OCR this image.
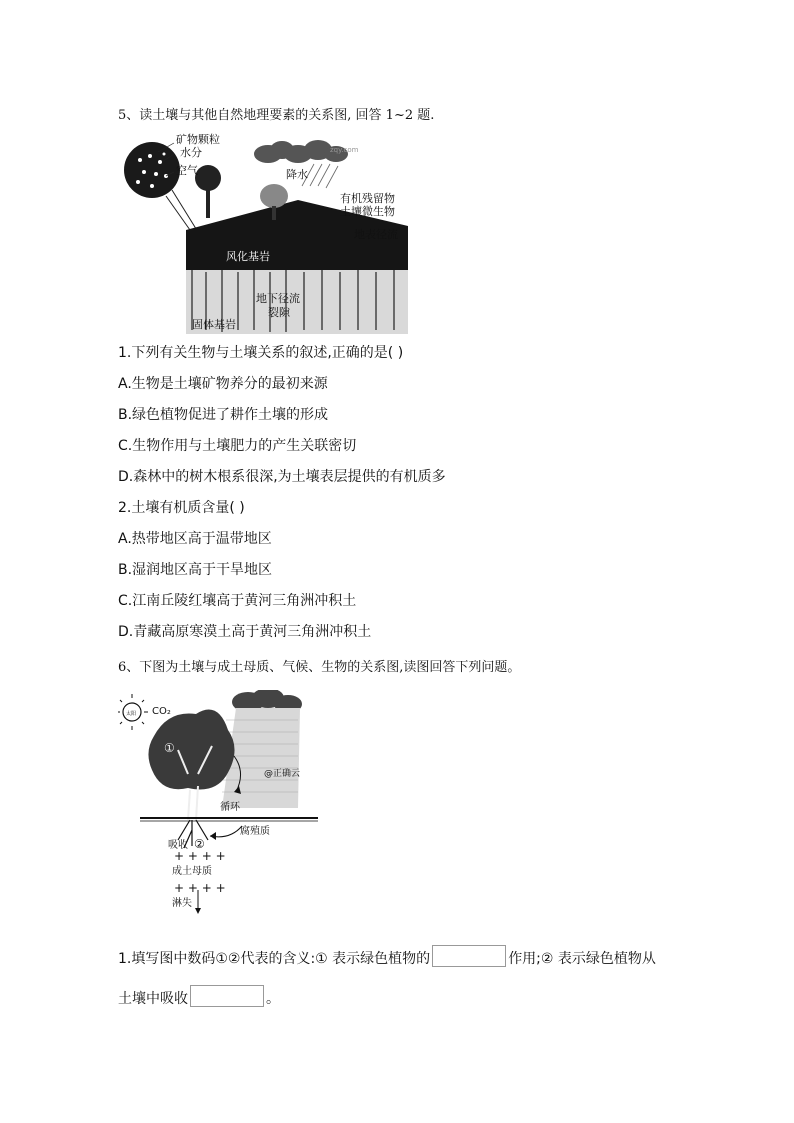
5、读土壤与其他自然地理要素的关系图, 回答 1~2 题.
矿物颗粒
水分
空气	降水
有机残留物
土壤微生物
地表径流
风化基岩
地下径流
裂隙
固体基岩
zqy.com
1.下列有关生物与土壤关系的叙述,正确的是( )
A.生物是土壤矿物养分的最初来源
B.绿色植物促进了耕作土壤的形成
C.生物作用与土壤肥力的产生关联密切
D.森林中的树木根系很深,为土壤表层提供的有机质多
2.土壤有机质含量( )
A.热带地区高于温带地区
B.湿润地区高于干旱地区
C.江南丘陵红壤高于黄河三角洲冲积土
D.青藏高原寒漠土高于黄河三角洲冲积土
6、下图为土壤与成土母质、气候、生物的关系图,读图回答下列问题。
太阳 CO₂
①
@正确云
循环
腐殖质
吸收 ②
+ + + +
成土母质
+ + + +
淋失
1.填写图中数码①②代表的含义:① 表示绿色植物的	作用;② 表示绿色植物从
土壤中吸收	。
